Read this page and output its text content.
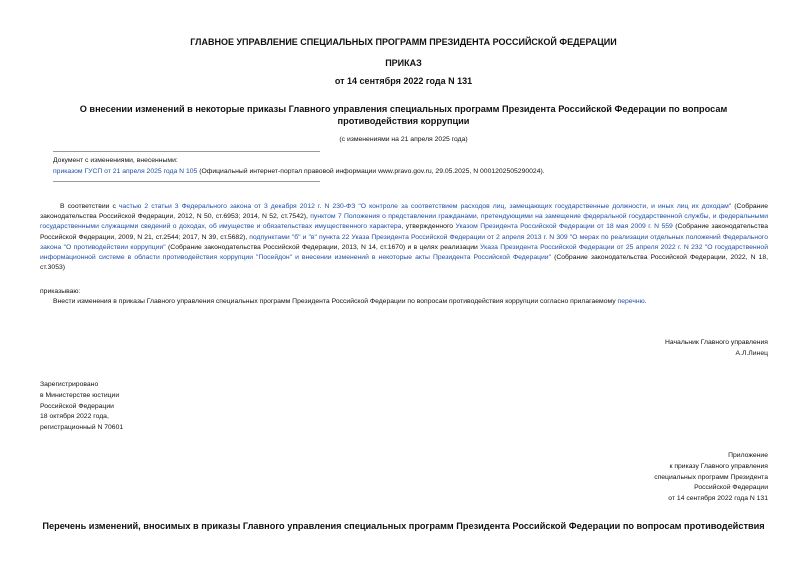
ГЛАВНОЕ УПРАВЛЕНИЕ СПЕЦИАЛЬНЫХ ПРОГРАММ ПРЕЗИДЕНТА РОССИЙСКОЙ ФЕДЕРАЦИИ
ПРИКАЗ
от 14 сентября 2022 года N 131
О внесении изменений в некоторые приказы Главного управления специальных программ Президента Российской Федерации по вопросам противодействия коррупции
(с изменениями на 21 апреля 2025 года)
Документ с изменениями, внесенными:
приказом ГУСП от 21 апреля 2025 года N 105 (Официальный интернет-портал правовой информации www.pravo.gov.ru, 29.05.2025, N 0001202505290024).
В соответствии с частью 2 статьи 3 Федерального закона от 3 декабря 2012 г. N 230-ФЗ "О контроле за соответствием расходов лиц, замещающих государственные должности, и иных лиц их доходам" (Собрание законодательства Российской Федерации, 2012, N 50, ст.6953; 2014, N 52, ст.7542), пунктом 7 Положения о представлении гражданами, претендующими на замещение федеральной государственной службы, и федеральными государственными служащими сведений о доходах, об имуществе и обязательствах имущественного характера, утвержденного Указом Президента Российской Федерации от 18 мая 2009 г. N 559 (Собрание законодательства Российской Федерации, 2009, N 21, ст.2544; 2017, N 39, ст.5682), подпунктами "б" и "в" пункта 22 Указа Президента Российской Федерации от 2 апреля 2013 г. N 309 "О мерах по реализации отдельных положений Федерального закона "О противодействии коррупции" (Собрание законодательства Российской Федерации, 2013, N 14, ст.1670) и в целях реализации Указа Президента Российской Федерации от 25 апреля 2022 г. N 232 "О государственной информационной системе в области противодействия коррупции "Посейдон" и внесении изменений в некоторые акты Президента Российской Федерации" (Собрание законодательства Российской Федерации, 2022, N 18, ст.3053)
приказываю:
Внести изменения в приказы Главного управления специальных программ Президента Российской Федерации по вопросам противодействия коррупции согласно прилагаемому перечню.
Начальник Главного управления
А.Л.Линец
Зарегистрировано
в Министерстве юстиции
Российской Федерации
18 октября 2022 года,
регистрационный N 70601
Приложение
к приказу Главного управления
специальных программ Президента
Российской Федерации
от 14 сентября 2022 года N 131
Перечень изменений, вносимых в приказы Главного управления специальных программ Президента Российской Федерации по вопросам противодействия
